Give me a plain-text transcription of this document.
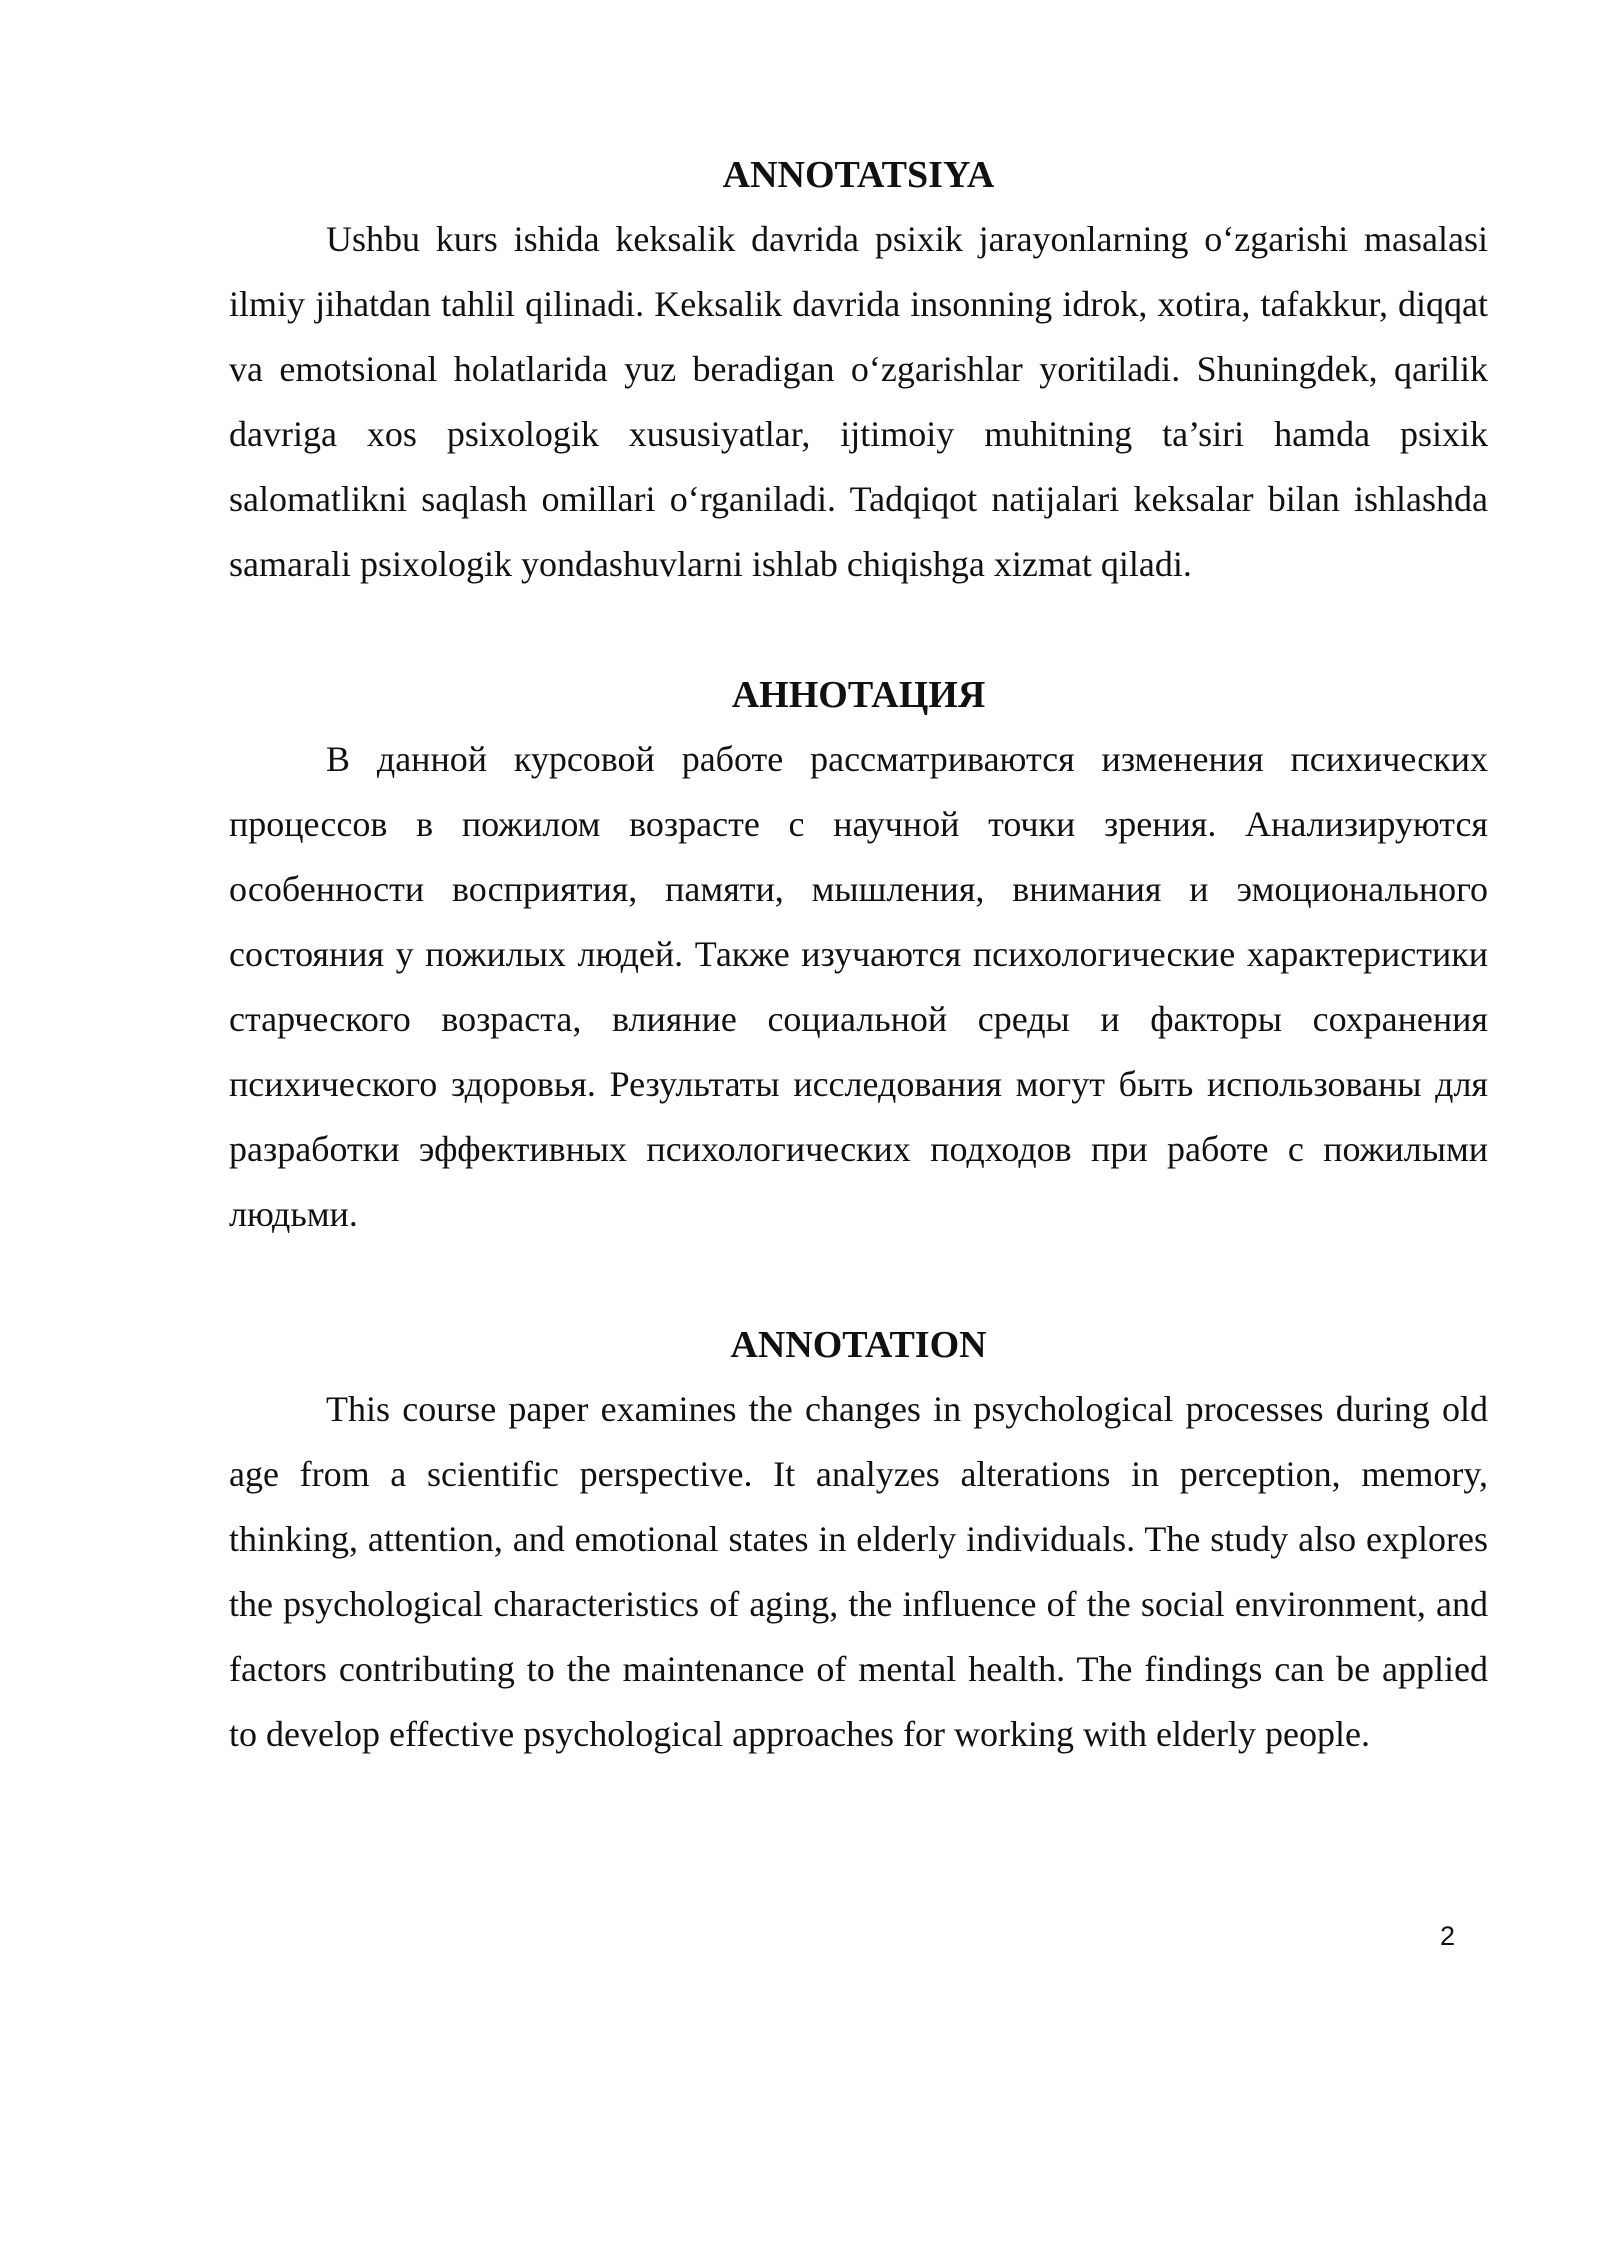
ANNOTATSIYA

Ushbu kurs ishida keksalik davrida psixik jarayonlarning o‘zgarishi masalasi ilmiy jihatdan tahlil qilinadi. Keksalik davrida insonning idrok, xotira, tafakkur, diqqat va emotsional holatlarida yuz beradigan o‘zgarishlar yoritiladi. Shuningdek, qarilik davriga xos psixologik xususiyatlar, ijtimoiy muhitning ta’siri hamda psixik salomatlikni saqlash omillari o‘rganiladi. Tadqiqot natijalari keksalar bilan ishlashda samarali psixologik yondashuvlarni ishlab chiqishga xizmat qiladi.

АННОТАЦИЯ

В данной курсовой работе рассматриваются изменения психических процессов в пожилом возрасте с научной точки зрения. Анализируются особенности восприятия, памяти, мышления, внимания и эмоционального состояния у пожилых людей. Также изучаются психологические характеристики старческого возраста, влияние социальной среды и факторы сохранения психического здоровья. Результаты исследования могут быть использованы для разработки эффективных психологических подходов при работе с пожилыми людьми.

ANNOTATION

This course paper examines the changes in psychological processes during old age from a scientific perspective. It analyzes alterations in perception, memory, thinking, attention, and emotional states in elderly individuals. The study also explores the psychological characteristics of aging, the influence of the social environment, and factors contributing to the maintenance of mental health. The findings can be applied to develop effective psychological approaches for working with elderly people.

2
